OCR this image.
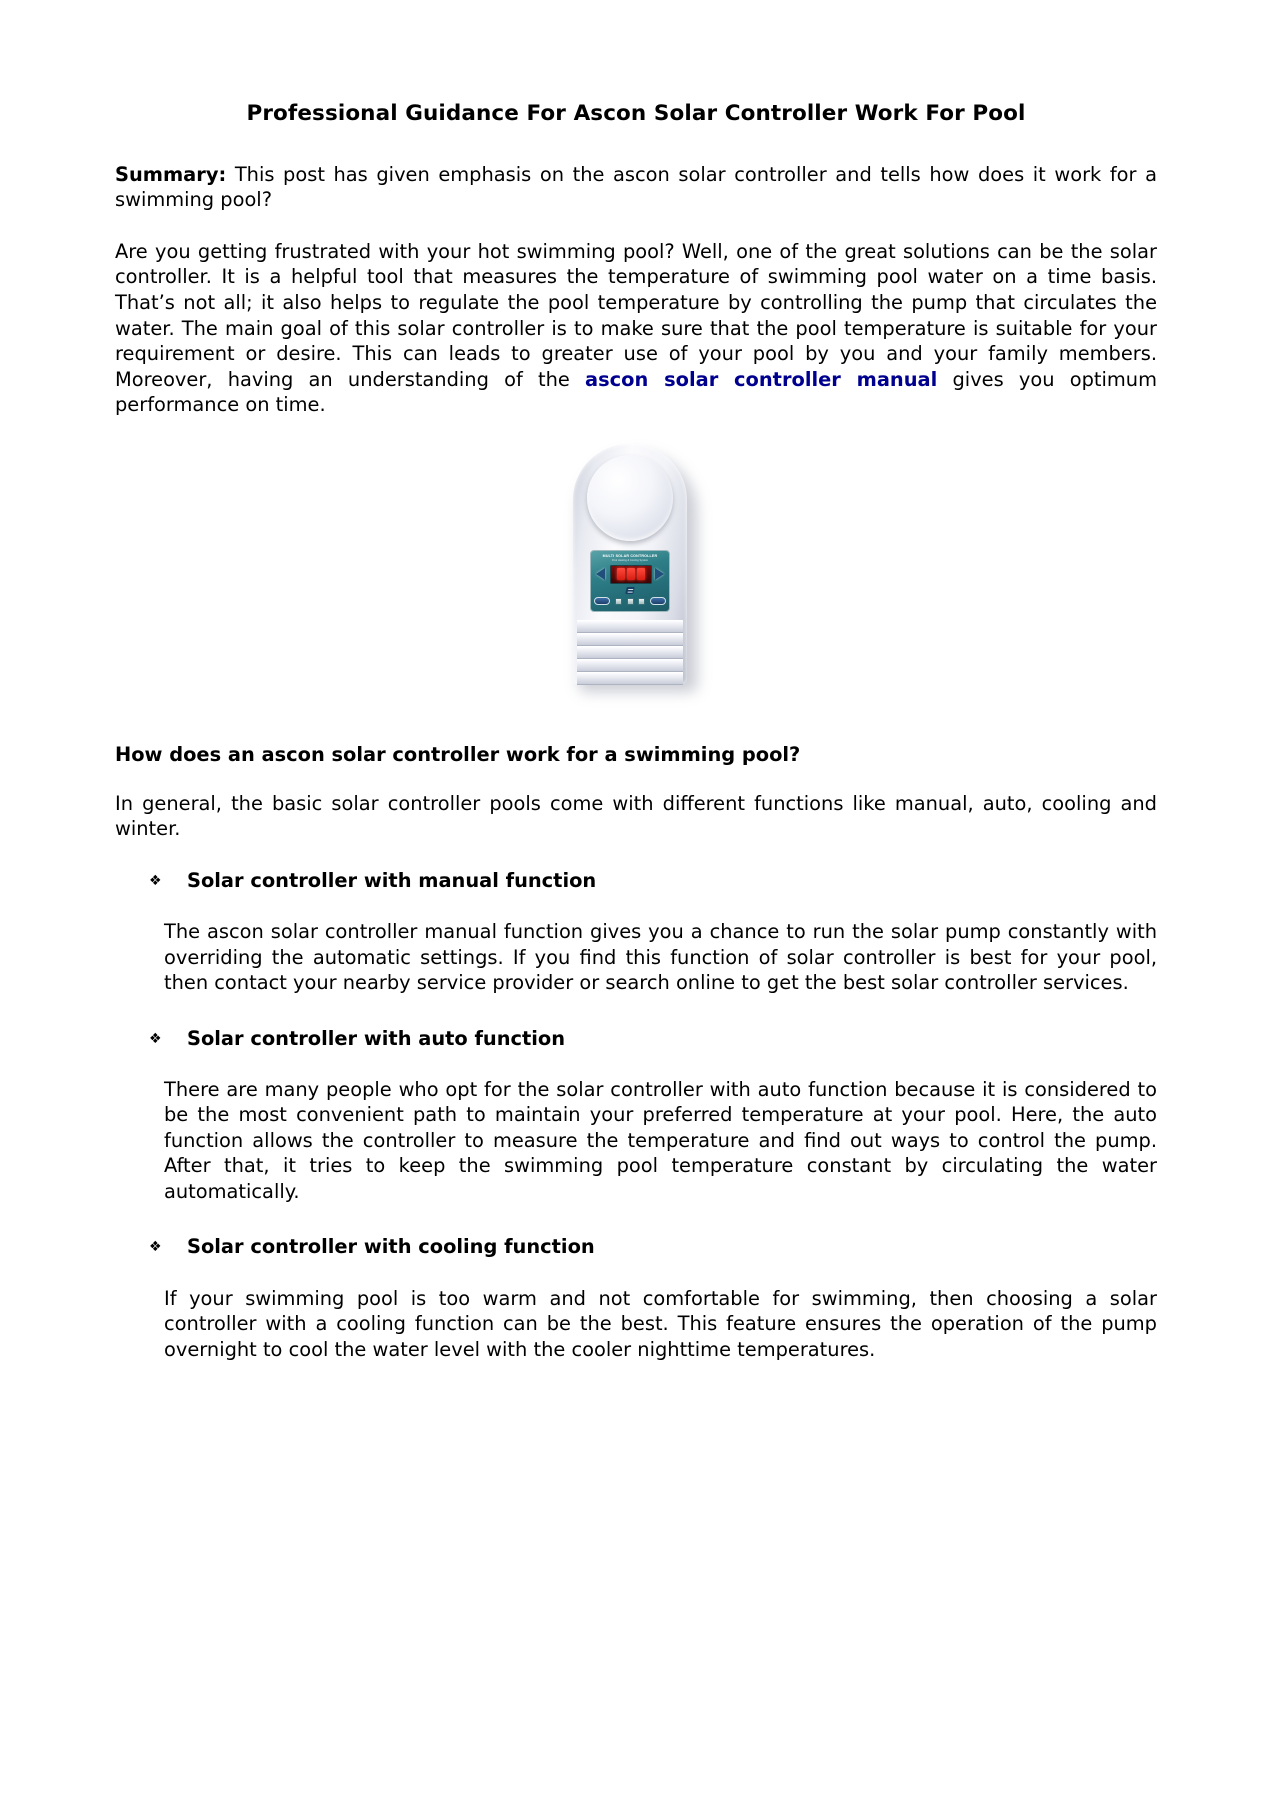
Professional Guidance For Ascon Solar Controller Work For Pool

Summary: This post has given emphasis on the ascon solar controller and tells how does it work for a swimming pool?

Are you getting frustrated with your hot swimming pool? Well, one of the great solutions can be the solar controller. It is a helpful tool that measures the temperature of swimming pool water on a time basis. That’s not all; it also helps to regulate the pool temperature by controlling the pump that circulates the water. The main goal of this solar controller is to make sure that the pool temperature is suitable for your requirement or desire. This can leads to greater use of your pool by you and your family members. Moreover, having an understanding of the ascon solar controller manual gives you optimum performance on time.

MULTI SOLAR CONTROLLER
Pool Heating & Cooling System
How does an ascon solar controller work for a swimming pool?

In general, the basic solar controller pools come with different functions like manual, auto, cooling and winter.

❖	Solar controller with manual function

The ascon solar controller manual function gives you a chance to run the solar pump constantly with overriding the automatic settings. If you find this function of solar controller is best for your pool, then contact your nearby service provider or search online to get the best solar controller services.

❖	Solar controller with auto function

There are many people who opt for the solar controller with auto function because it is considered to be the most convenient path to maintain your preferred temperature at your pool. Here, the auto function allows the controller to measure the temperature and find out ways to control the pump. After that, it tries to keep the swimming pool temperature constant by circulating the water automatically.

❖	Solar controller with cooling function

If your swimming pool is too warm and not comfortable for swimming, then choosing a solar controller with a cooling function can be the best. This feature ensures the operation of the pump overnight to cool the water level with the cooler nighttime temperatures.
